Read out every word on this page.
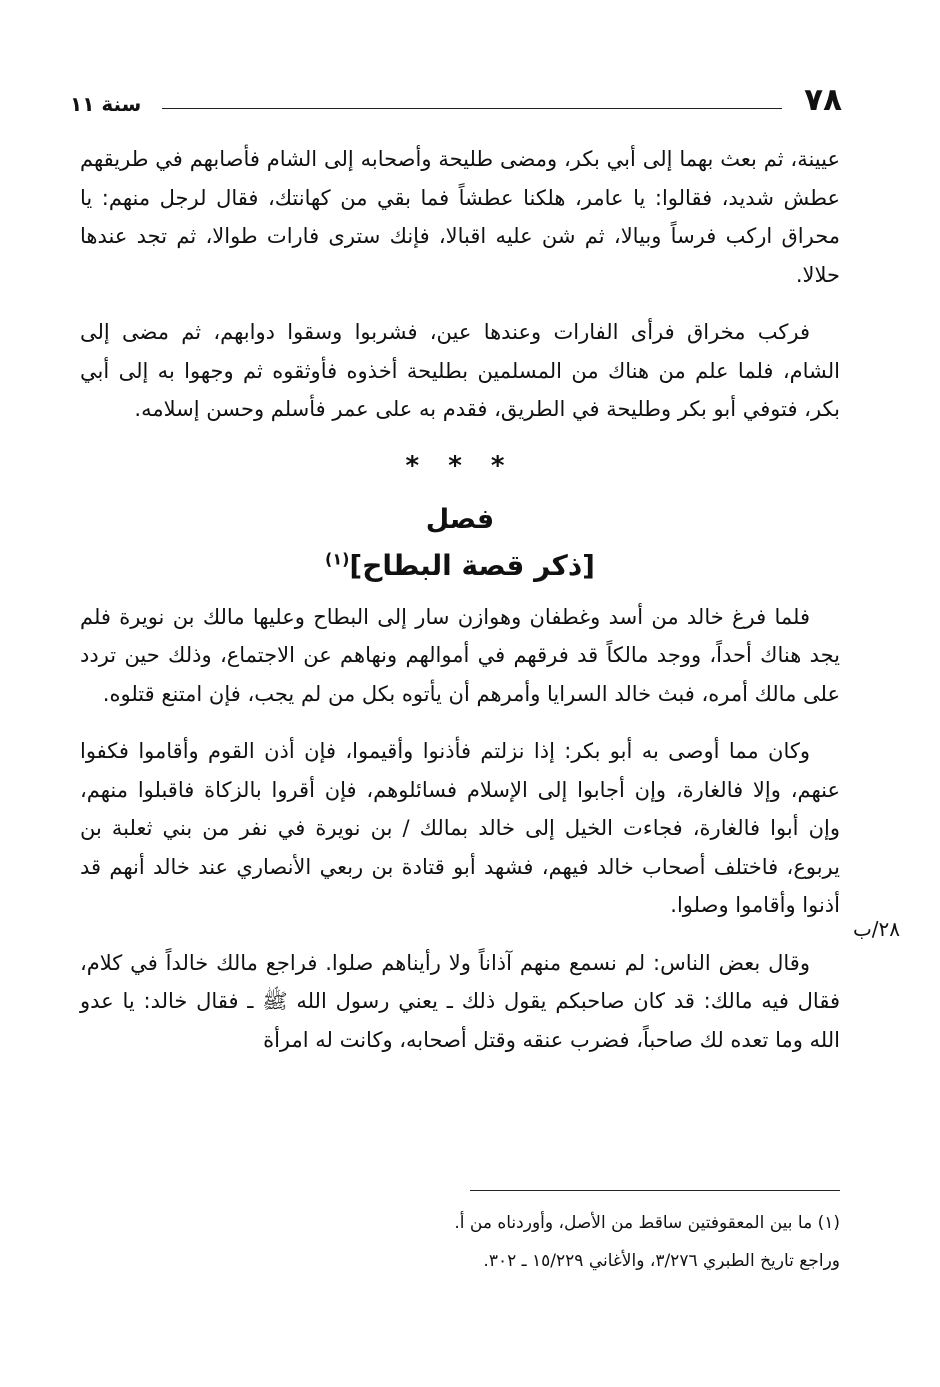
٧٨
سنة ١١

عيينة، ثم بعث بهما إلى أبي بكر، ومضى طليحة وأصحابه إلى الشام فأصابهم في طريقهم عطش شديد، فقالوا: يا عامر، هلكنا عطشاً فما بقي من كهانتك، فقال لرجل منهم: يا محراق اركب فرساً وبيالا، ثم شن عليه اقبالا، فإنك سترى فارات طوالا، ثم تجد عندها حلالا.

فركب مخراق فرأى الفارات وعندها عين، فشربوا وسقوا دوابهم، ثم مضى إلى الشام، فلما علم من هناك من المسلمين بطليحة أخذوه فأوثقوه ثم وجهوا به إلى أبي بكر، فتوفي أبو بكر وطليحة في الطريق، فقدم به على عمر فأسلم وحسن إسلامه.

* * *
فصل
[ذكر قصة البطاح]$^{(١)}$

فلما فرغ خالد من أسد وغطفان وهوازن سار إلى البطاح وعليها مالك بن نويرة فلم يجد هناك أحداً، ووجد مالكاً قد فرقهم في أموالهم ونهاهم عن الاجتماع، وذلك حين تردد على مالك أمره، فبث خالد السرايا وأمرهم أن يأتوه بكل من لم يجب، فإن امتنع قتلوه.

وكان مما أوصى به أبو بكر: إذا نزلتم فأذنوا وأقيموا، فإن أذن القوم وأقاموا فكفوا عنهم، وإلا فالغارة، وإن أجابوا إلى الإسلام فسائلوهم، فإن أقروا بالزكاة فاقبلوا منهم، وإن أبوا فالغارة، فجاءت الخيل إلى خالد بمالك / بن نويرة في نفر من بني ثعلبة بن يربوع، فاختلف أصحاب خالد فيهم، فشهد أبو قتادة بن ربعي الأنصاري عند خالد أنهم قد أذنوا وأقاموا وصلوا.

وقال بعض الناس: لم نسمع منهم آذاناً ولا رأيناهم صلوا. فراجع مالك خالداً في كلام، فقال فيه مالك: قد كان صاحبكم يقول ذلك ـ يعني رسول الله ﷺ ـ فقال خالد: يا عدو الله وما تعده لك صاحباً، فضرب عنقه وقتل أصحابه، وكانت له امرأة

٢٨/ب

(١) ما بين المعقوفتين ساقط من الأصل، وأوردناه من أ.

وراجع تاريخ الطبري ٣/٢٧٦، والأغاني ١٥/٢٢٩ ـ ٣٠٢.
